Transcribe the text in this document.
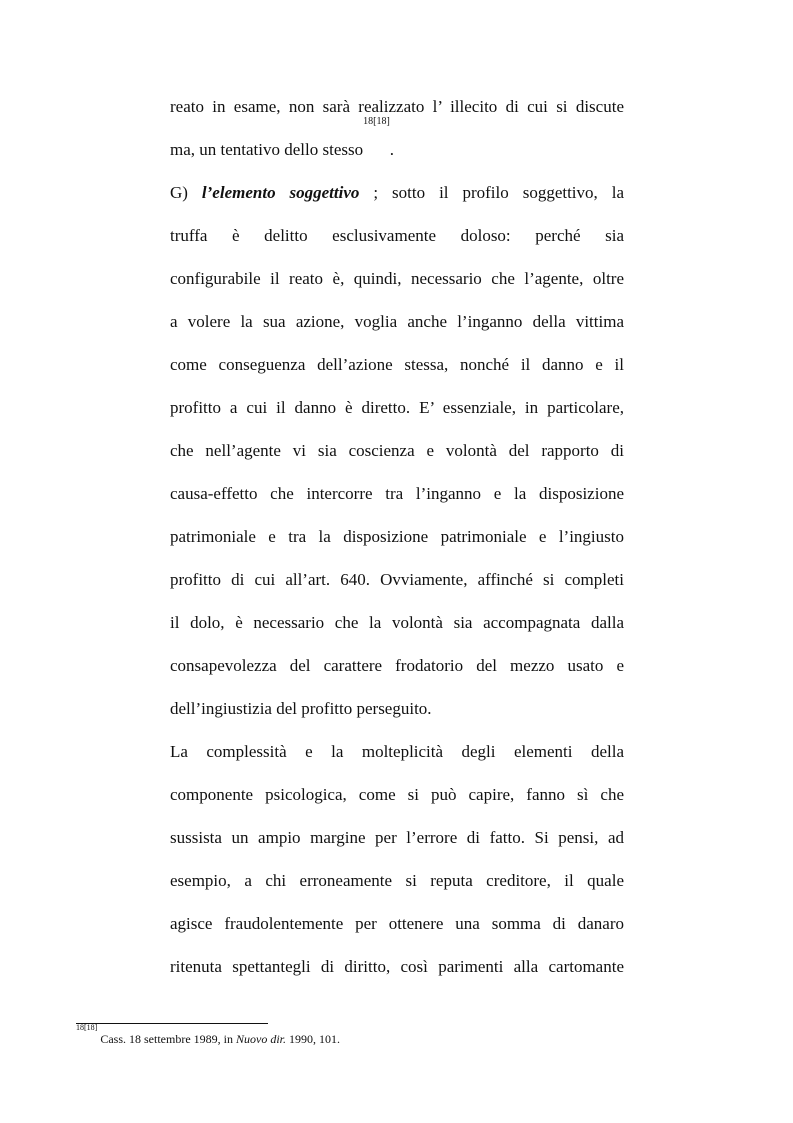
reato in esame, non sarà realizzato l’ illecito di cui si discute
ma, un tentativo dello stesso$^{18[18]}$.
G) l’elemento soggettivo ; sotto il profilo soggettivo, la
truffa è delitto esclusivamente doloso: perché sia
configurabile il reato è, quindi, necessario che l’agente, oltre
a volere la sua azione, voglia anche l’inganno della vittima
come conseguenza dell’azione stessa, nonché il danno e il
profitto a cui il danno è diretto. E’ essenziale, in particolare,
che nell’agente vi sia coscienza e volontà del rapporto di
causa-effetto che intercorre tra l’inganno e la disposizione
patrimoniale e tra la disposizione patrimoniale e l’ingiusto
profitto di cui all’art. 640. Ovviamente, affinché si completi
il dolo, è necessario che la volontà sia accompagnata dalla
consapevolezza del carattere frodatorio del mezzo usato e
dell’ingiustizia del profitto perseguito.
La complessità e la molteplicità degli elementi della
componente psicologica, come si può capire, fanno sì che
sussista un ampio margine per l’errore di fatto. Si pensi, ad
esempio, a chi erroneamente si reputa creditore, il quale
agisce fraudolentemente per ottenere una somma di danaro
ritenuta spettantegli di diritto, così parimenti alla cartomante
$^{18[18]}$ Cass. 18 settembre 1989, in Nuovo dir. 1990, 101.
